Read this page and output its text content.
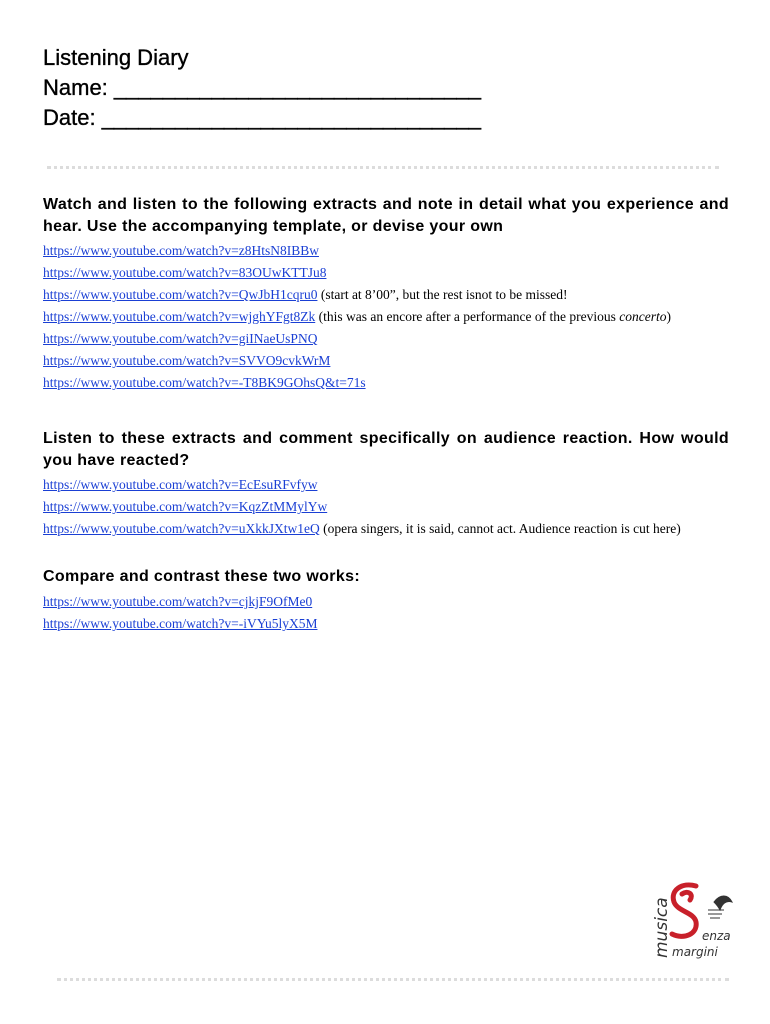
Listening Diary
Name: ______________________________
Date: _______________________________
Watch and listen to the following extracts and note in detail what you experience and hear. Use the accompanying template, or devise your own

https://www.youtube.com/watch?v=z8HtsN8IBBw

https://www.youtube.com/watch?v=83OUwKTTJu8

https://www.youtube.com/watch?v=QwJbH1cqru0 (start at 8’00”, but the rest isnot to be missed!

https://www.youtube.com/watch?v=wjghYFgt8Zk (this was an encore after a performance of the previous concerto)

https://www.youtube.com/watch?v=giINaeUsPNQ

https://www.youtube.com/watch?v=SVVO9cvkWrM

https://www.youtube.com/watch?v=-T8BK9GOhsQ&t=71s

Listen to these extracts and comment specifically on audience reaction. How would you have reacted?

https://www.youtube.com/watch?v=EcEsuRFvfyw

https://www.youtube.com/watch?v=KqzZtMMylYw

https://www.youtube.com/watch?v=uXkkJXtw1eQ (opera singers, it is said, cannot act. Audience reaction is cut here)

Compare and contrast these two works:

https://www.youtube.com/watch?v=cjkjF9OfMe0

https://www.youtube.com/watch?v=-iVYu5lyX5M

musica	enza
margini
